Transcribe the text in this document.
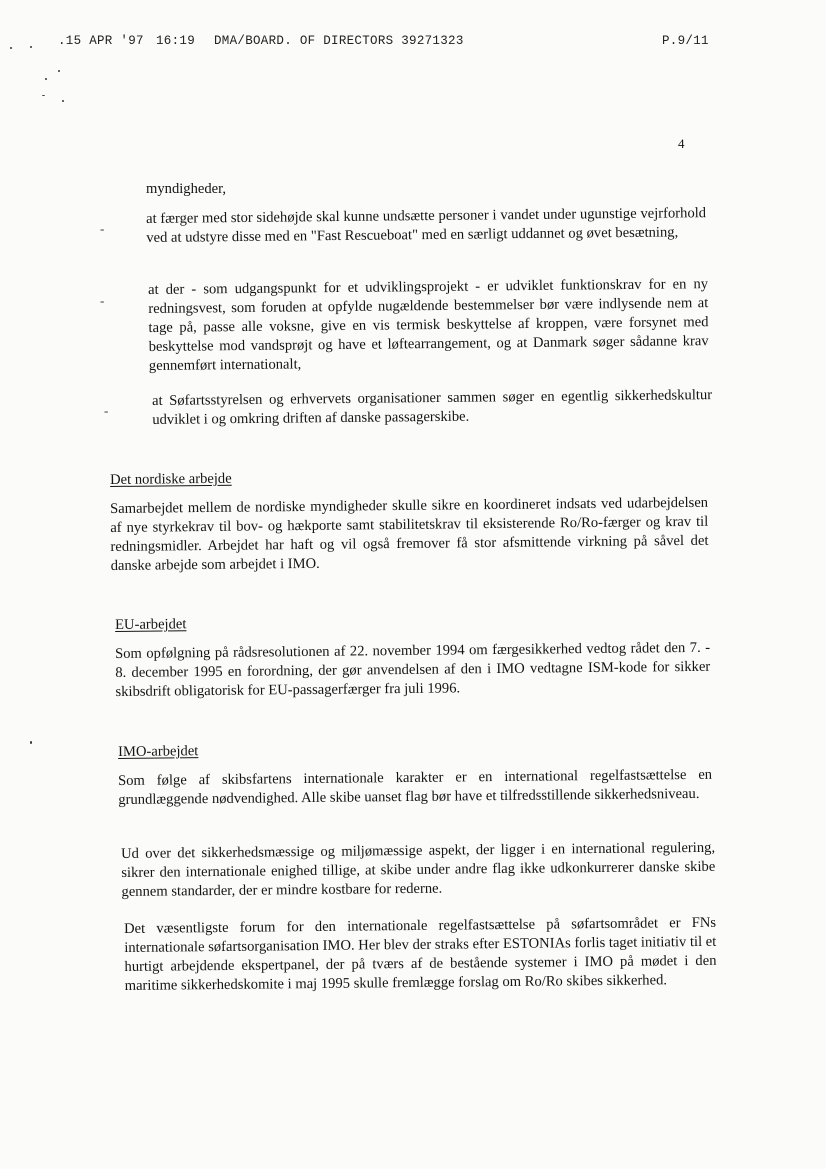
.15 APR '97 16:19 DMA/BOARD. OF DIRECTORS 39271323	P.9/11
4
myndigheder,
-
at færger med stor sidehøjde skal kunne undsætte personer i vandet under ugunstige vejrforhold ved at udstyre disse med en "Fast Rescueboat" med en særligt uddannet og øvet besætning,
-
at der - som udgangspunkt for et udviklingsprojekt - er udviklet funktionskrav for en ny redningsvest, som foruden at opfylde nugældende bestemmelser bør være indlysende nem at tage på, passe alle voksne, give en vis termisk beskyttelse af kroppen, være forsynet med beskyttelse mod vandsprøjt og have et løftearrangement, og at Danmark søger sådanne krav gennemført internationalt,
-
at Søfartsstyrelsen og erhvervets organisationer sammen søger en egentlig sikkerhedskultur udviklet i og omkring driften af danske passagerskibe.
Det nordiske arbejde
Samarbejdet mellem de nordiske myndigheder skulle sikre en koordineret indsats ved udarbejdelsen af nye styrkekrav til bov- og hækporte samt stabilitetskrav til eksisterende Ro/Ro-færger og krav til redningsmidler. Arbejdet har haft og vil også fremover få stor afsmittende virkning på såvel det danske arbejde som arbejdet i IMO.
EU-arbejdet
Som opfølgning på rådsresolutionen af 22. november 1994 om færgesikkerhed vedtog rådet den 7. - 8. december 1995 en forordning, der gør anvendelsen af den i IMO vedtagne ISM-kode for sikker skibsdrift obligatorisk for EU-passagerfærger fra juli 1996.
IMO-arbejdet
Som følge af skibsfartens internationale karakter er en international regelfastsættelse en grundlæggende nødvendighed. Alle skibe uanset flag bør have et tilfredsstillende sikkerhedsniveau.
Ud over det sikkerhedsmæssige og miljømæssige aspekt, der ligger i en international regulering, sikrer den internationale enighed tillige, at skibe under andre flag ikke udkonkurrerer danske skibe gennem standarder, der er mindre kostbare for rederne.
Det væsentligste forum for den internationale regelfastsættelse på søfartsområdet er FNs internationale søfartsorganisation IMO. Her blev der straks efter ESTONIAs forlis taget initiativ til et hurtigt arbejdende ekspertpanel, der på tværs af de bestående systemer i IMO på mødet i den maritime sikkerhedskomite i maj 1995 skulle fremlægge forslag om Ro/Ro skibes sikkerhed.
